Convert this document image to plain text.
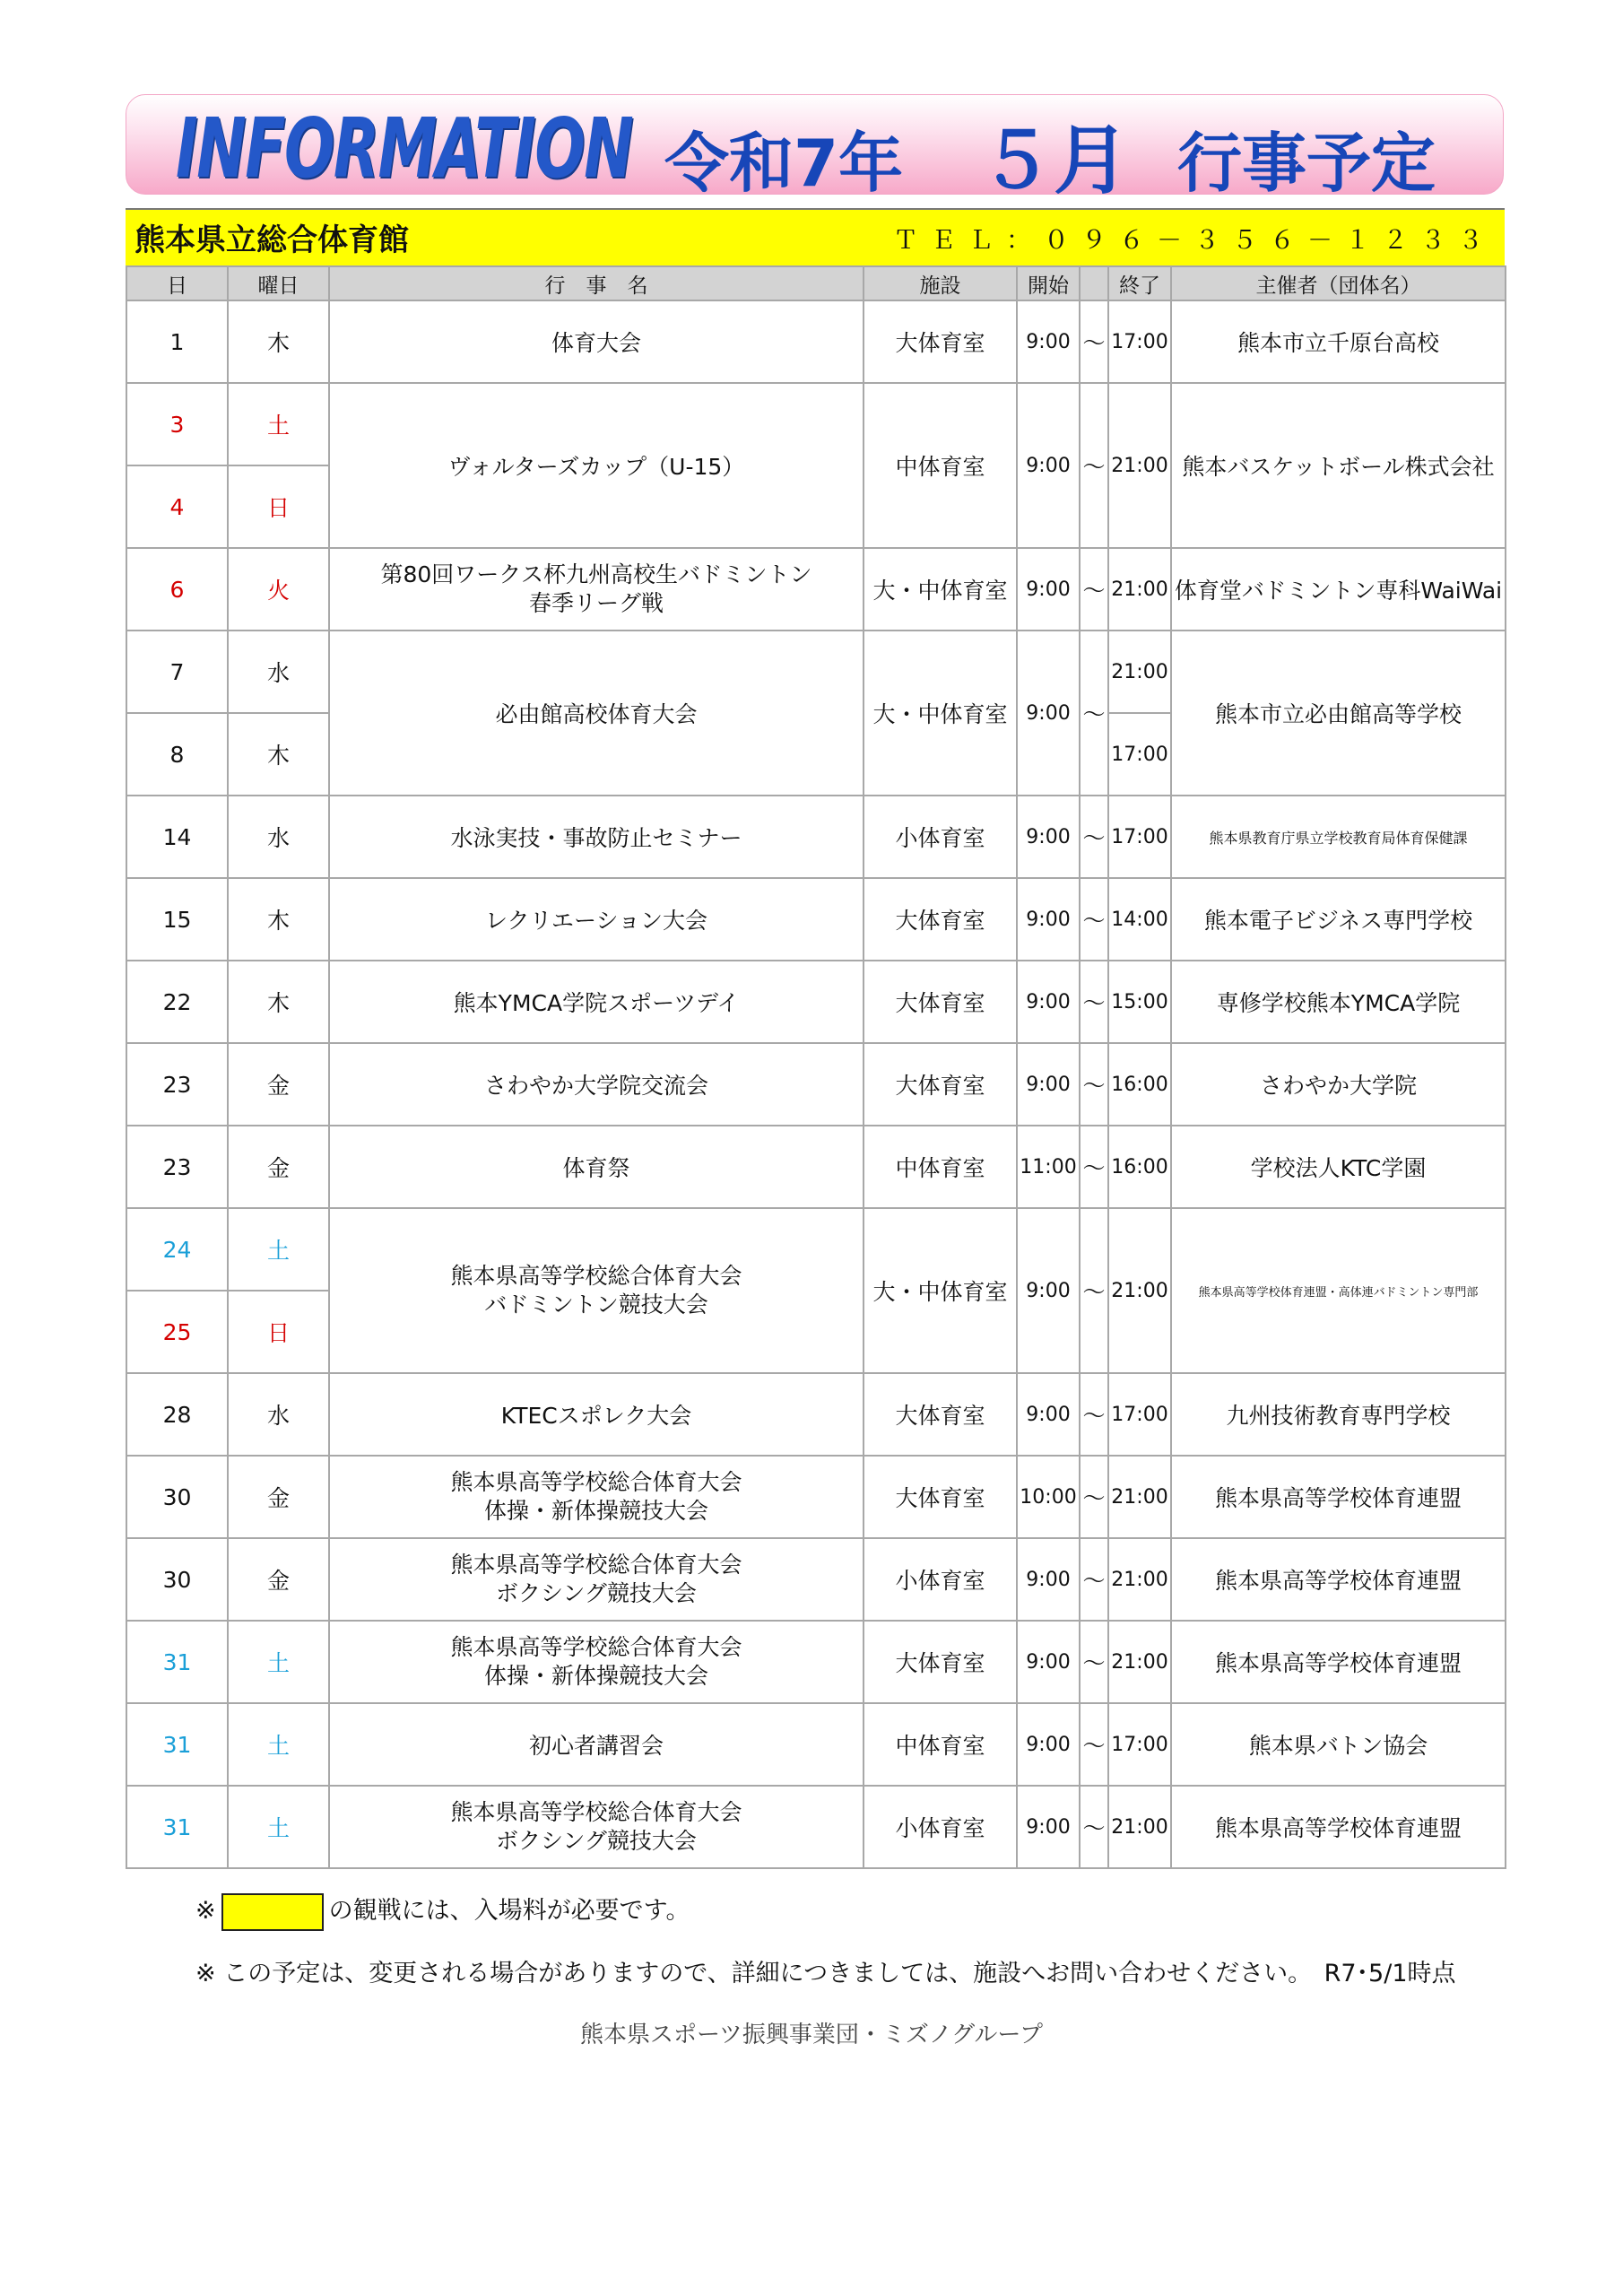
INFORMATION 令和7年 ５月 行事予定
熊本県立総合体育館	ＴＥＬ：０９６－３５６－１２３３
日	曜日	行　事　名	施設	開始		終了	主催者（団体名）
1	木	体育大会	大体育室	9:00	～	17:00	熊本市立千原台高校
3	土	ヴォルターズカップ（U-15）	中体育室	9:00	～	21:00	熊本バスケットボール株式会社
4	日						
6	火	第80回ワークス杯九州高校生バドミントン
春季リーグ戦	大・中体育室	9:00	～	21:00	体育堂バドミントン専科WaiWai
7	水	必由館高校体育大会	大・中体育室	9:00	～	21:00	熊本市立必由館高等学校
8	木					17:00	
14	水	水泳実技・事故防止セミナー	小体育室	9:00	～	17:00	熊本県教育庁県立学校教育局体育保健課
15	木	レクリエーション大会	大体育室	9:00	～	14:00	熊本電子ビジネス専門学校
22	木	熊本YMCA学院スポーツデイ	大体育室	9:00	～	15:00	専修学校熊本YMCA学院
23	金	さわやか大学院交流会	大体育室	9:00	～	16:00	さわやか大学院
23	金	体育祭	中体育室	11:00	～	16:00	学校法人KTC学園
24	土	熊本県高等学校総合体育大会
バドミントン競技大会	大・中体育室	9:00	～	21:00	熊本県高等学校体育連盟・高体連バドミントン専門部
25	日						
28	水	KTECスポレク大会	大体育室	9:00	～	17:00	九州技術教育専門学校
30	金	熊本県高等学校総合体育大会
体操・新体操競技大会	大体育室	10:00	～	21:00	熊本県高等学校体育連盟
30	金	熊本県高等学校総合体育大会
ボクシング競技大会	小体育室	9:00	～	21:00	熊本県高等学校体育連盟
31	土	熊本県高等学校総合体育大会
体操・新体操競技大会	大体育室	9:00	～	21:00	熊本県高等学校体育連盟
31	土	初心者講習会	中体育室	9:00	～	17:00	熊本県バトン協会
31	土	熊本県高等学校総合体育大会
ボクシング競技大会	小体育室	9:00	～	21:00	熊本県高等学校体育連盟
※	の観戦には、入場料が必要です。
※ この予定は、変更される場合がありますので、詳細につきましては、施設へお問い合わせください。　R7･5/1時点
熊本県スポーツ振興事業団・ミズノグループ
